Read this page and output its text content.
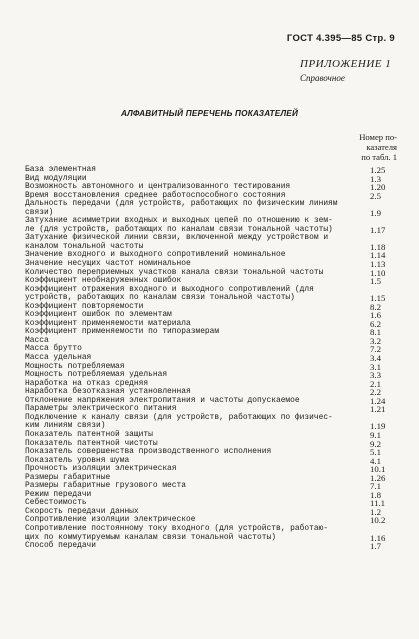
ГОСТ 4.395—85 Стр. 9
ПРИЛОЖЕНИЕ 1
Справочное
АЛФАВИТНЫЙ ПЕРЕЧЕНЬ ПОКАЗАТЕЛЕЙ
Номер по-
казателя
по табл. 1
База элементная	1.25
Вид модуляции	1.3
Возможность автономного и централизованного тестирования	1.20
Время восстановления среднее работоспособного состояния	2.5
Дальность передачи (для устройств, работающих по физическим линиям
связи)	1.9
Затухание асимметрии входных и выходных цепей по отношению к зем-
ле (для устройств, работающих по каналам связи тональной частоты)	1.17
Затухание физической линии связи, включенной между устройством и
каналом тональной частоты	1.18
Значение входного и выходного сопротивлений номинальное	1.14
Значение несущих частот номинальное	1.13
Количество переприемных участков канала связи тональной частоты	1.10
Коэффициент необнаруженных ошибок	1.5
Коэффициент отражения входного и выходного сопротивлений (для
устройств, работающих по каналам связи тональной частоты)	1.15
Коэффициент повторяемости	8.2
Коэффициент ошибок по элементам	1.6
Коэффициент применяемости материала	6.2
Коэффициент применяемости по типоразмерам	8.1
Масса	3.2
Масса брутто	7.2
Масса удельная	3.4
Мощность потребляемая	3.1
Мощность потребляемая удельная	3.3
Наработка на отказ средняя	2.1
Наработка безотказная установленная	2.2
Отклонение напряжения электропитания и частоты допускаемое	1.24
Параметры электрического питания	1.21
Подключение к каналу связи (для устройств, работающих по физичес-
ким линиям связи)	1.19
Показатель патентной защиты	9.1
Показатель патентной чистоты	9.2
Показатель совершенства производственного исполнения	5.1
Показатель уровня шума	4.1
Прочность изоляции электрическая	10.1
Размеры габаритные	1.26
Размеры габаритные грузового места	7.1
Режим передачи	1.8
Себестоимость	11.1
Скорость передачи данных	1.2
Сопротивление изоляции электрическое	10.2
Сопротивление постоянному току входного (для устройств, работаю-
щих по коммутируемым каналам связи тональной частоты)	1.16
Способ передачи	1.7
